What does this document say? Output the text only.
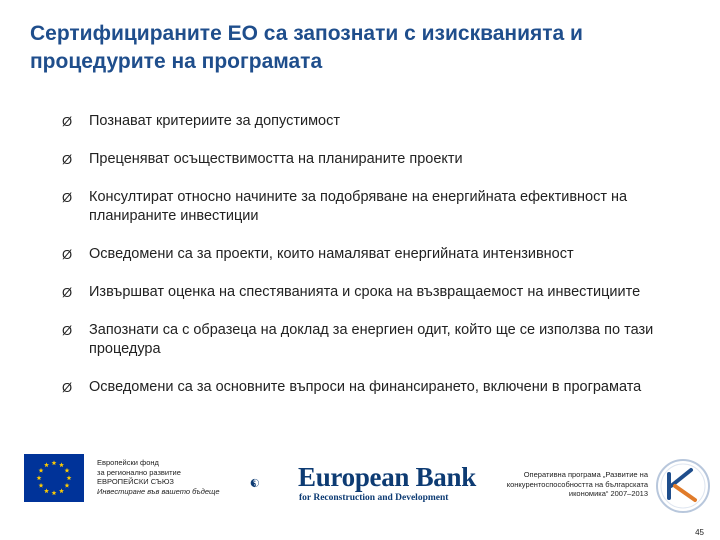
Сертифицираните ЕО са запознати с изискванията и процедурите на програмата
Ø Познават критериите за допустимост
Ø Преценяват осъществимостта на планираните проекти
Ø Консултират относно начините за подобряване на енергийната ефективност на планираните инвестиции
Ø Осведомени са за проекти, които намаляват енергийната интензивност
Ø Извършват оценка на спестяванията и срока на възвращаемост на инвестициите
Ø Запознати са с образеца на доклад за енергиен одит, който ще се използва по тази процедура
Ø Осведомени са за основните въпроси на финансирането, включени в програмата
Европейски фонд
за регионално развитие
ЕВРОПЕЙСКИ СЪЮЗ
Инвестиране във вашето бъдеще	European Bank
for Reconstruction and Development
Оперативна програма „Развитие на
конкурентоспособността на българската
икономика“ 2007–2013
45
